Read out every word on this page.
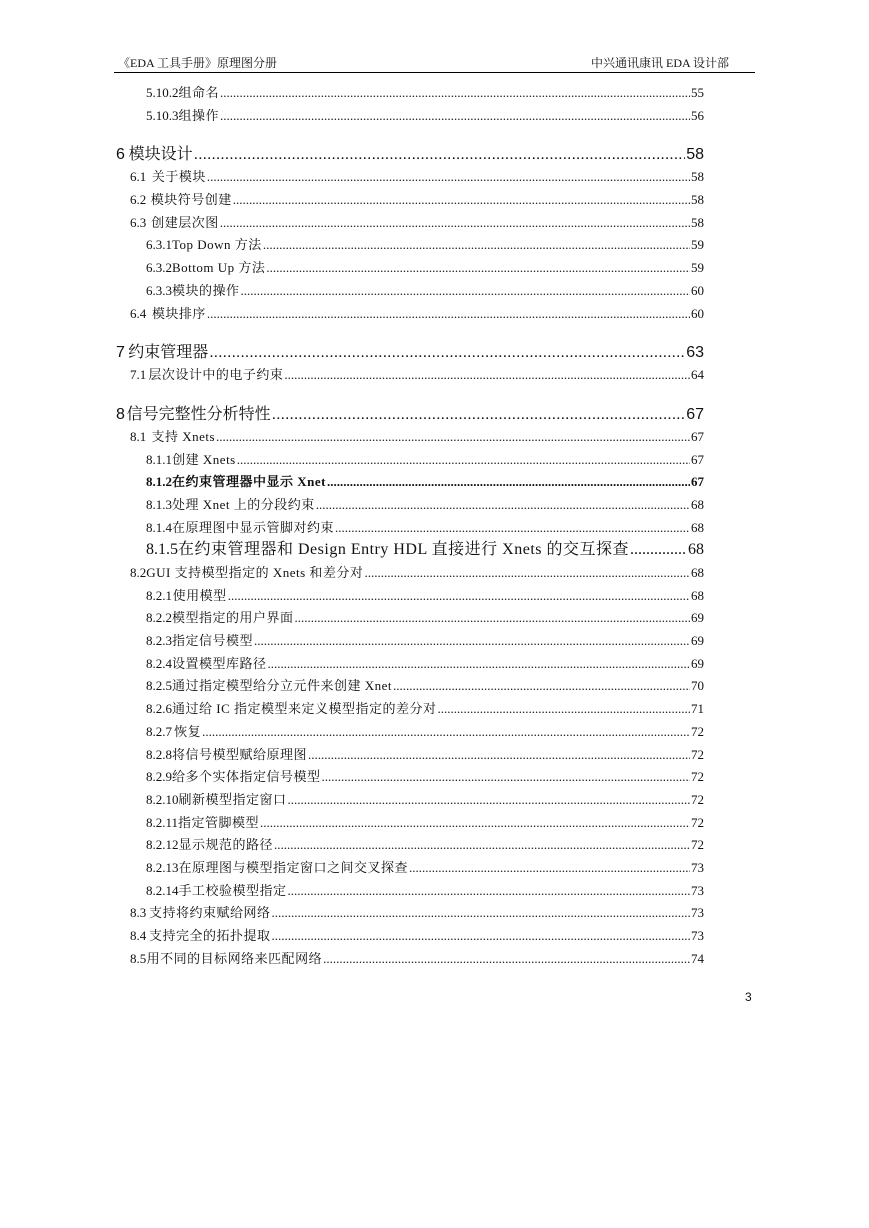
《EDA 工具手册》原理图分册	中兴通讯康讯 EDA 设计部
5.10.2 组命名 .....	55
5.10.3 组操作 .....	56
6 模块设计 .....	58
6.1 关于模块 .....	58
6.2 模块符号创建 .....	58
6.3 创建层次图 .....	58
6.3.1 Top Down 方法 .....	59
6.3.2 Bottom Up 方法 .....	59
6.3.3 模块的操作 .....	60
6.4 模块排序 .....	60
7 约束管理器 .....	63
7.1 层次设计中的电子约束 .....	64
8 信号完整性分析特性 .....	67
8.1 支持 Xnets .....	67
8.1.1 创建 Xnets .....	67
8.1.2 在约束管理器中显示 Xnet .....	67
8.1.3 处理 Xnet 上的分段约束 .....	68
8.1.4 在原理图中显示管脚对约束 .....	68
8.1.5 在约束管理器和 Design Entry HDL 直接进行 Xnets 的交互探查 .....	68
8.2 GUI 支持模型指定的 Xnets 和差分对 .....	68
8.2.1 使用模型 .....	68
8.2.2 模型指定的用户界面 .....	69
8.2.3 指定信号模型 .....	69
8.2.4 设置模型库路径 .....	69
8.2.5 通过指定模型给分立元件来创建 Xnet .....	70
8.2.6 通过给 IC 指定模型来定义模型指定的差分对 .....	71
8.2.7 恢复 .....	72
8.2.8 将信号模型赋给原理图 .....	72
8.2.9 给多个实体指定信号模型 .....	72
8.2.10 刷新模型指定窗口 .....	72
8.2.11 指定管脚模型 .....	72
8.2.12 显示规范的路径 .....	72
8.2.13 在原理图与模型指定窗口之间交叉探查 .....	73
8.2.14 手工校验模型指定 .....	73
8.3 支持将约束赋给网络 .....	73
8.4 支持完全的拓扑提取 .....	73
8.5 用不同的目标网络来匹配网络 .....	74
3
